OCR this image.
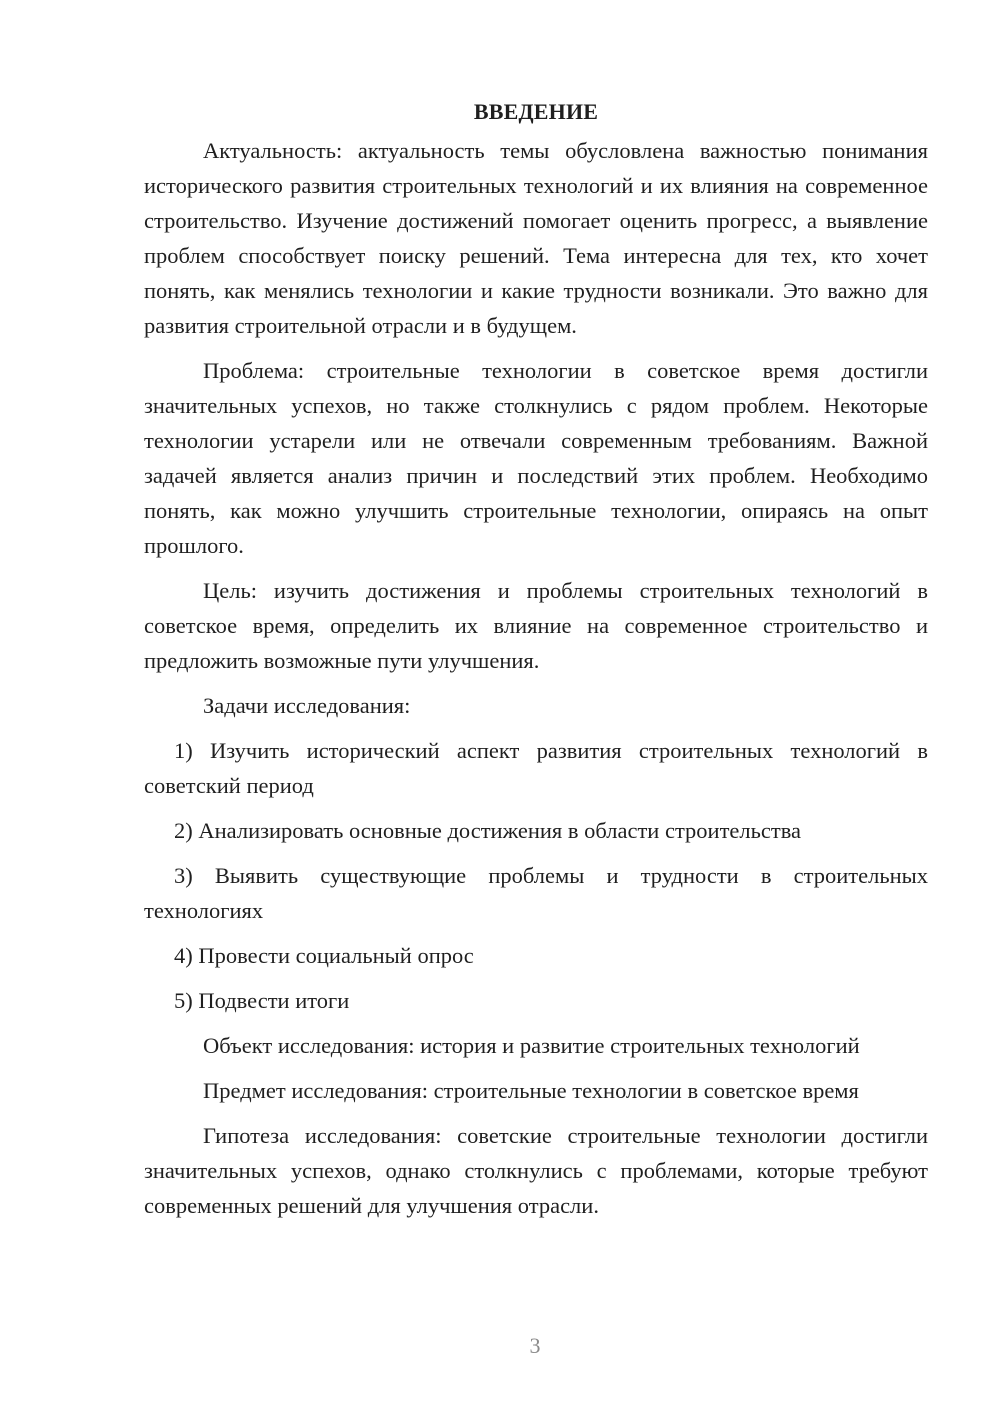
ВВЕДЕНИЕ
Актуальность: актуальность темы обусловлена важностью понимания исторического развития строительных технологий и их влияния на современное строительство. Изучение достижений помогает оценить прогресс, а выявление проблем способствует поиску решений. Тема интересна для тех, кто хочет понять, как менялись технологии и какие трудности возникали. Это важно для развития строительной отрасли и в будущем.
Проблема: строительные технологии в советское время достигли значительных успехов, но также столкнулись с рядом проблем. Некоторые технологии устарели или не отвечали современным требованиям. Важной задачей является анализ причин и последствий этих проблем. Необходимо понять, как можно улучшить строительные технологии, опираясь на опыт прошлого.
Цель: изучить достижения и проблемы строительных технологий в советское время, определить их влияние на современное строительство и предложить возможные пути улучшения.
Задачи исследования:
1) Изучить исторический аспект развития строительных технологий в советский период
2) Анализировать основные достижения в области строительства
3) Выявить существующие проблемы и трудности в строительных технологиях
4) Провести социальный опрос
5) Подвести итоги
Объект исследования: история и развитие строительных технологий
Предмет исследования: строительные технологии в советское время
Гипотеза исследования: советские строительные технологии достигли значительных успехов, однако столкнулись с проблемами, которые требуют современных решений для улучшения отрасли.
3
